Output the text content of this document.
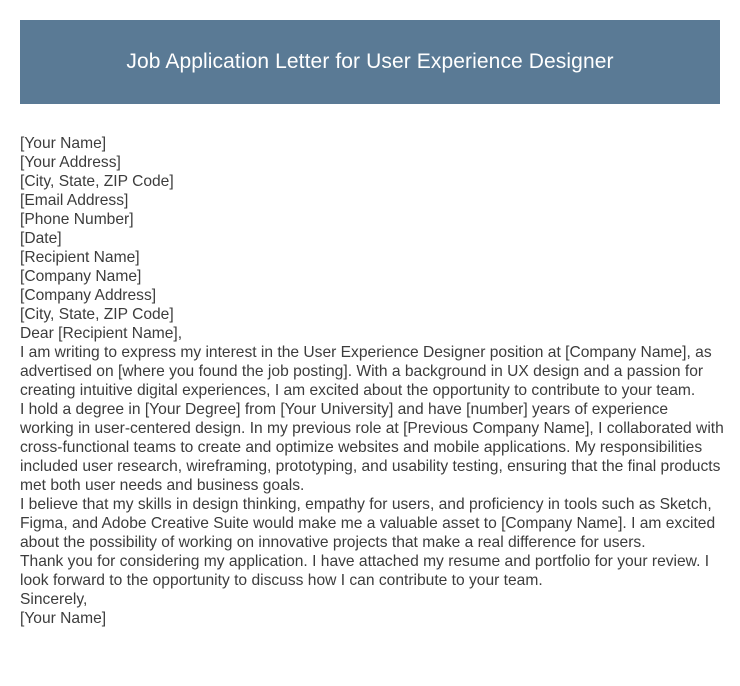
Job Application Letter for User Experience Designer
[Your Name]
[Your Address]
[City, State, ZIP Code]
[Email Address]
[Phone Number]
[Date]
[Recipient Name]
[Company Name]
[Company Address]
[City, State, ZIP Code]
Dear [Recipient Name],

I am writing to express my interest in the User Experience Designer position at [Company Name], as advertised on [where you found the job posting]. With a background in UX design and a passion for creating intuitive digital experiences, I am excited about the opportunity to contribute to your team.

I hold a degree in [Your Degree] from [Your University] and have [number] years of experience working in user-centered design. In my previous role at [Previous Company Name], I collaborated with cross-functional teams to create and optimize websites and mobile applications. My responsibilities included user research, wireframing, prototyping, and usability testing, ensuring that the final products met both user needs and business goals.

I believe that my skills in design thinking, empathy for users, and proficiency in tools such as Sketch, Figma, and Adobe Creative Suite would make me a valuable asset to [Company Name]. I am excited about the possibility of working on innovative projects that make a real difference for users.

Thank you for considering my application. I have attached my resume and portfolio for your review. I look forward to the opportunity to discuss how I can contribute to your team.

Sincerely,
[Your Name]
